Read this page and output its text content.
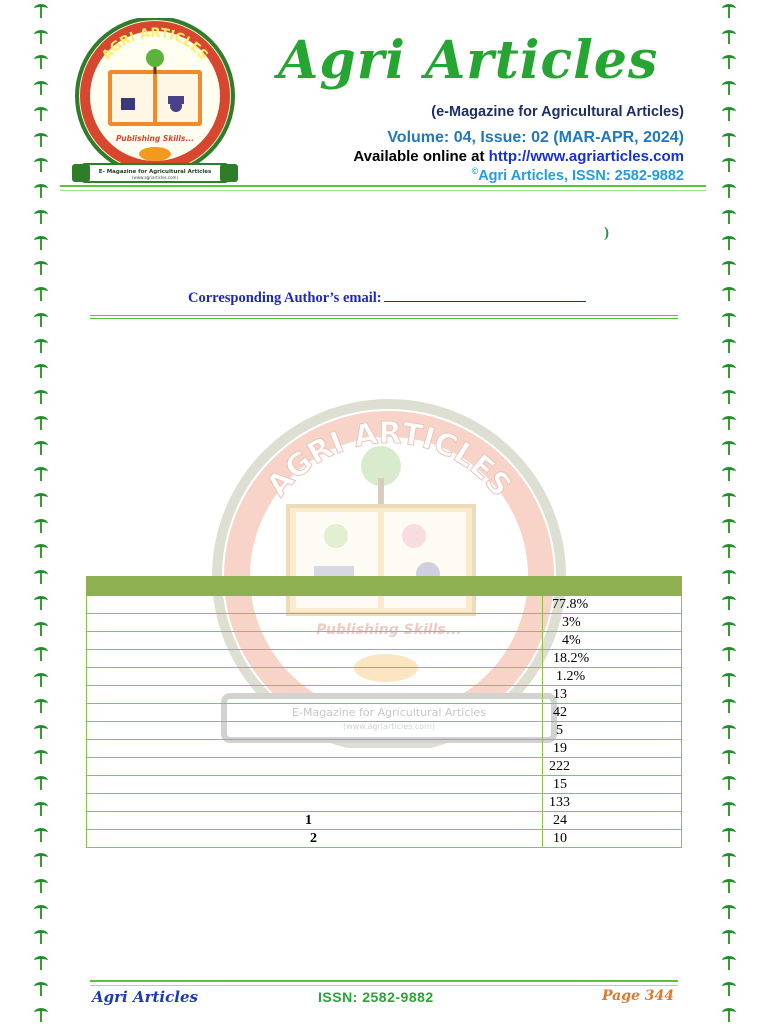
AGRI ARTICLES
Publishing Skills...
E- Magazine for Agricultural Articles
(www.agriarticles.com)
Agri Articles
(e-Magazine for Agricultural Articles)
Volume: 04, Issue: 02 (MAR-APR, 2024)
Available online at http://www.agriarticles.com
©Agri Articles, ISSN: 2582-9882
)
Corresponding Author’s email:
AGRI ARTICLES
Publishing Skills...
E-Magazine for Agricultural Articles
(www.agriarticles.com)

	77.8%
	3%
	4%
	18.2%
	1.2%
	13
	42
	5
	19
	222
	15
	133
1	24
2	10
Agri Articles	ISSN: 2582-9882	Page 344
